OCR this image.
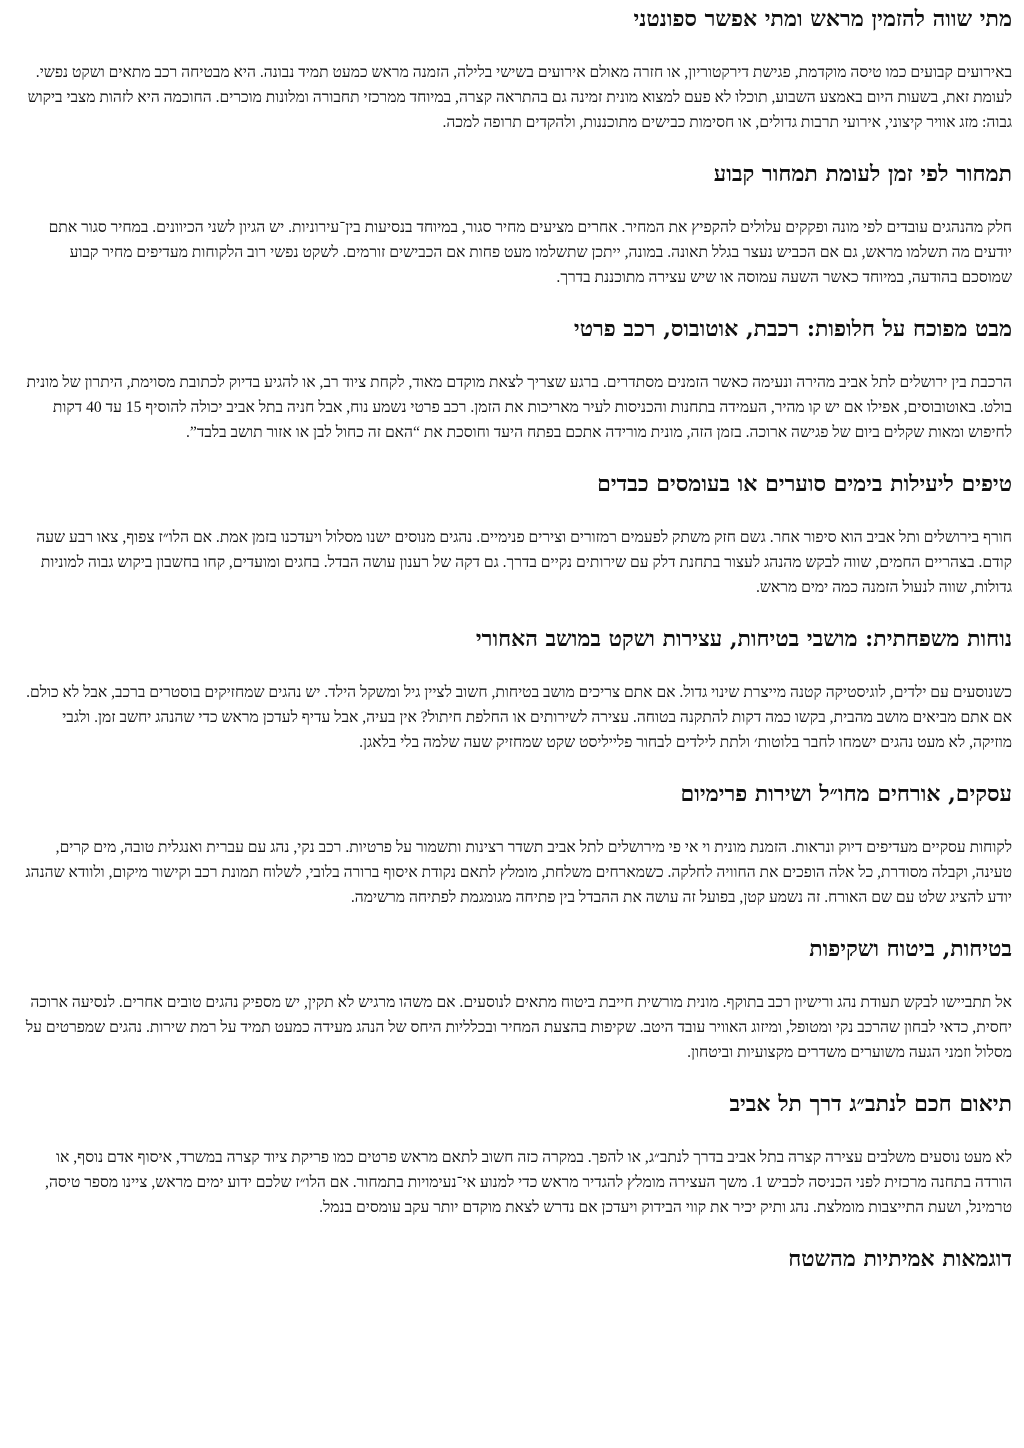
מתי שווה להזמין מראש ומתי אפשר ספונטני

באירועים קבועים כמו טיסה מוקדמת, פגישת דירקטוריון, או חזרה מאולם אירועים בשישי בלילה, הזמנה מראש כמעט תמיד נבונה. היא מבטיחה רכב מתאים ושקט נפשי. לעומת זאת, בשעות היום באמצע השבוע, תוכלו לא פעם למצוא מונית זמינה גם בהתראה קצרה, במיוחד ממרכזי תחבורה ומלונות מוכרים. החוכמה היא לזהות מצבי ביקוש גבוה: מזג אוויר קיצוני, אירועי תרבות גדולים, או חסימות כבישים מתוכננות, ולהקדים תרופה למכה.

תמחור לפי זמן לעומת תמחור קבוע

חלק מהנהגים עובדים לפי מונה ופקקים עלולים להקפיץ את המחיר. אחרים מציעים מחיר סגור, במיוחד בנסיעות בין־עירוניות. יש הגיון לשני הכיוונים. במחיר סגור אתם יודעים מה תשלמו מראש, גם אם הכביש נעצר בגלל תאונה. במונה, ייתכן שתשלמו מעט פחות אם הכבישים זורמים. לשקט נפשי רוב הלקוחות מעדיפים מחיר קבוע שמוסכם בהודעה, במיוחד כאשר השעה עמוסה או שיש עצירה מתוכננת בדרך.

מבט מפוכח על חלופות: רכבת, אוטובוס, רכב פרטי

הרכבת בין ירושלים לתל אביב מהירה ונעימה כאשר הזמנים מסתדרים. ברגע שצריך לצאת מוקדם מאוד, לקחת ציוד רב, או להגיע בדיוק לכתובת מסוימת, היתרון של מונית בולט. באוטובוסים, אפילו אם יש קו מהיר, העמידה בתחנות והכניסות לעיר מאריכות את הזמן. רכב פרטי נשמע נוח, אבל חניה בתל אביב יכולה להוסיף 15 עד 40 דקות לחיפוש ומאות שקלים ביום של פגישה ארוכה. בזמן הזה, מונית מורידה אתכם בפתח היעד וחוסכת את “האם זה כחול לבן או אזור תושב בלבד”.

טיפים ליעילות בימים סוערים או בעומסים כבדים

חורף בירושלים ותל אביב הוא סיפור אחר. גשם חזק משתק לפעמים רמזורים וצירים פנימיים. נהגים מנוסים ישנו מסלול ויעדכנו בזמן אמת. אם הלו״ז צפוף, צאו רבע שעה קודם. בצהריים החמים, שווה לבקש מהנהג לעצור בתחנת דלק עם שירותים נקיים בדרך. גם דקה של רענון עושה הבדל. בחגים ומועדים, קחו בחשבון ביקוש גבוה למוניות גדולות, שווה לנעול הזמנה כמה ימים מראש.

נוחות משפחתית: מושבי בטיחות, עצירות ושקט במושב האחורי

כשנוסעים עם ילדים, לוגיסטיקה קטנה מייצרת שינוי גדול. אם אתם צריכים מושב בטיחות, חשוב לציין גיל ומשקל הילד. יש נהגים שמחזיקים בוסטרים ברכב, אבל לא כולם. אם אתם מביאים מושב מהבית, בקשו כמה דקות להתקנה בטוחה. עצירה לשירותים או החלפת חיתול? אין בעיה, אבל עדיף לעדכן מראש כדי שהנהג יחשב זמן. ולגבי מוזיקה, לא מעט נהגים ישמחו לחבר בלוטות׳ ולתת לילדים לבחור פלייליסט שקט שמחזיק שעה שלמה בלי בלאגן.

עסקים, אורחים מחו״ל ושירות פרימיום

לקוחות עסקיים מעדיפים דיוק ונראות. הזמנת מונית וי אי פי מירושלים לתל אביב תשדר רצינות ותשמור על פרטיות. רכב נקי, נהג עם עברית ואנגלית טובה, מים קרים, טעינה, וקבלה מסודרת, כל אלה הופכים את החוויה לחלקה. כשמארחים משלחת, מומלץ לתאם נקודת איסוף ברורה בלובי, לשלוח תמונת רכב וקישור מיקום, ולוודא שהנהג יודע להציג שלט עם שם האורח. זה נשמע קטן, בפועל זה עושה את ההבדל בין פתיחה מגומגמת לפתיחה מרשימה.

בטיחות, ביטוח ושקיפות

אל תתביישו לבקש תעודת נהג ורישיון רכב בתוקף. מונית מורשית חייבת ביטוח מתאים לנוסעים. אם משהו מרגיש לא תקין, יש מספיק נהגים טובים אחרים. לנסיעה ארוכה יחסית, כדאי לבחון שהרכב נקי ומטופל, ומיזוג האוויר עובד היטב. שקיפות בהצעת המחיר ובכלליות היחס של הנהג מעידה כמעט תמיד על רמת שירות. נהגים שמפרטים על מסלול וזמני הגעה משוערים משדרים מקצועיות וביטחון.

תיאום חכם לנתב״ג דרך תל אביב

לא מעט נוסעים משלבים עצירה קצרה בתל אביב בדרך לנתב״ג, או להפך. במקרה כזה חשוב לתאם מראש פרטים כמו פריקת ציוד קצרה במשרד, איסוף אדם נוסף, או הורדה בתחנה מרכזית לפני הכניסה לכביש 1. משך העצירה מומלץ להגדיר מראש כדי למנוע אי־נעימויות בתמחור. אם הלו״ז שלכם ידוע ימים מראש, ציינו מספר טיסה, טרמינל, ושעת התייצבות מומלצת. נהג ותיק יכיר את קווי הבידוק ויעדכן אם נדרש לצאת מוקדם יותר עקב עומסים בנמל.

דוגמאות אמיתיות מהשטח
